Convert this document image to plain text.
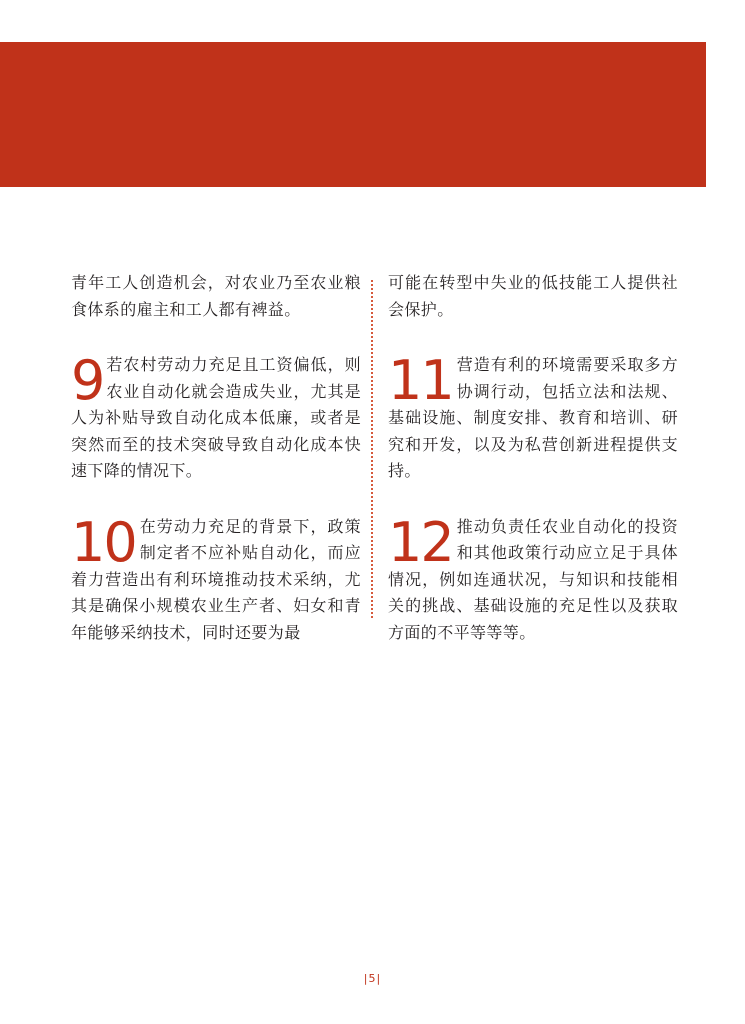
青年工人创造机会，对农业乃至农业粮食体系的雇主和工人都有裨益。

9 若农村劳动力充足且工资偏低，则农业自动化就会造成失业，尤其是人为补贴导致自动化成本低廉，或者是突然而至的技术突破导致自动化成本快速下降的情况下。

10 在劳动力充足的背景下，政策制定者不应补贴自动化，而应着力营造出有利环境推动技术采纳，尤其是确保小规模农业生产者、妇女和青年能够采纳技术，同时还要为最

可能在转型中失业的低技能工人提供社会保护。

11 营造有利的环境需要采取多方协调行动，包括立法和法规、基础设施、制度安排、教育和培训、研究和开发，以及为私营创新进程提供支持。

12 推动负责任农业自动化的投资和其他政策行动应立足于具体情况，例如连通状况，与知识和技能相关的挑战、基础设施的充足性以及获取方面的不平等等等。

|5|
